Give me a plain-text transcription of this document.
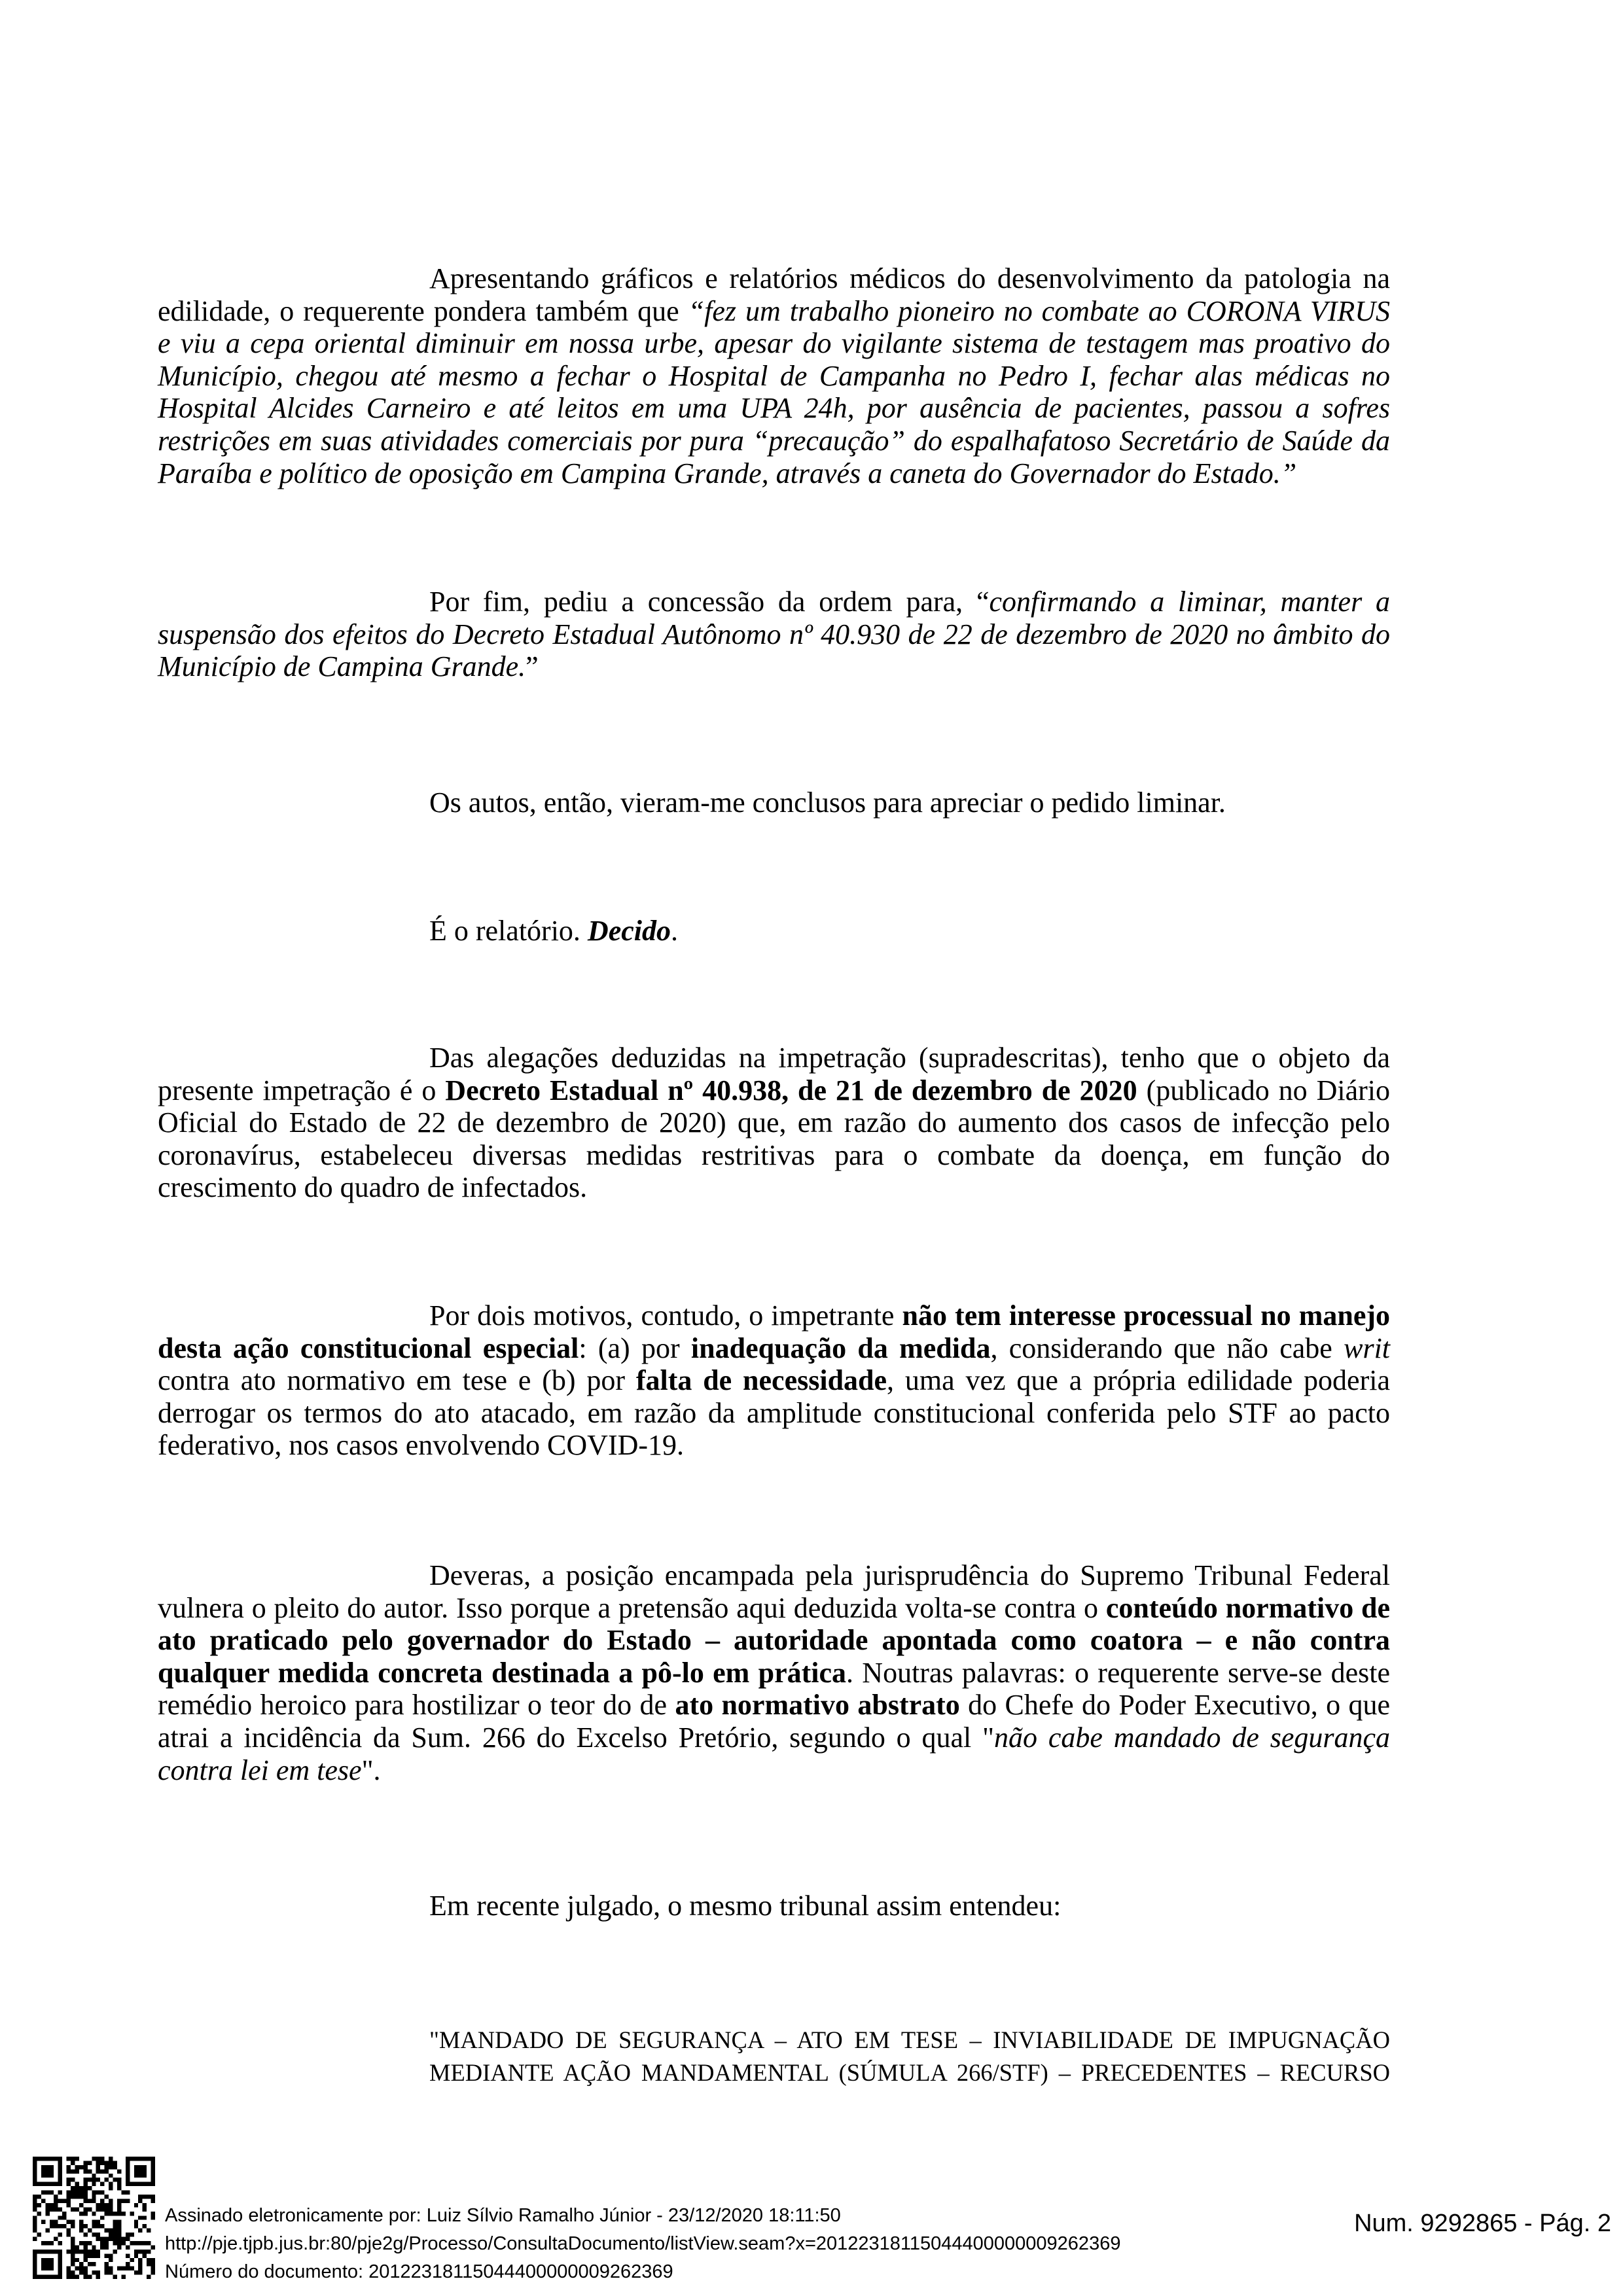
Apresentando gráficos e relatórios médicos do desenvolvimento da patologia na
edilidade, o requerente pondera também que “fez um trabalho pioneiro no combate ao CORONA VIRUS
e viu a cepa oriental diminuir em nossa urbe, apesar do vigilante sistema de testagem mas proativo do
Município, chegou até mesmo a fechar o Hospital de Campanha no Pedro I, fechar alas médicas no
Hospital Alcides Carneiro e até leitos em uma UPA 24h, por ausência de pacientes, passou a sofres
restrições em suas atividades comerciais por pura “precaução” do espalhafatoso Secretário de Saúde da
Paraíba e político de oposição em Campina Grande, através a caneta do Governador do Estado.”
Por fim, pediu a concessão da ordem para, “confirmando a liminar, manter a
suspensão dos efeitos do Decreto Estadual Autônomo nº 40.930 de 22 de dezembro de 2020 no âmbito do
Município de Campina Grande.”
Os autos, então, vieram-me conclusos para apreciar o pedido liminar.
É o relatório. Decido.
Das alegações deduzidas na impetração (supradescritas), tenho que o objeto da
presente impetração é o Decreto Estadual nº 40.938, de 21 de dezembro de 2020 (publicado no Diário
Oficial do Estado de 22 de dezembro de 2020) que, em razão do aumento dos casos de infecção pelo
coronavírus, estabeleceu diversas medidas restritivas para o combate da doença, em função do
crescimento do quadro de infectados.
Por dois motivos, contudo, o impetrante não tem interesse processual no manejo
desta ação constitucional especial: (a) por inadequação da medida, considerando que não cabe writ
contra ato normativo em tese e (b) por falta de necessidade, uma vez que a própria edilidade poderia
derrogar os termos do ato atacado, em razão da amplitude constitucional conferida pelo STF ao pacto
federativo, nos casos envolvendo COVID-19.
Deveras, a posição encampada pela jurisprudência do Supremo Tribunal Federal
vulnera o pleito do autor. Isso porque a pretensão aqui deduzida volta-se contra o conteúdo normativo de
ato praticado pelo governador do Estado – autoridade apontada como coatora – e não contra
qualquer medida concreta destinada a pô-lo em prática. Noutras palavras: o requerente serve-se deste
remédio heroico para hostilizar o teor do de ato normativo abstrato do Chefe do Poder Executivo, o que
atrai a incidência da Sum. 266 do Excelso Pretório, segundo o qual "não cabe mandado de segurança
contra lei em tese".
Em recente julgado, o mesmo tribunal assim entendeu:
"MANDADO DE SEGURANÇA – ATO EM TESE – INVIABILIDADE DE IMPUGNAÇÃO
MEDIANTE AÇÃO MANDAMENTAL (SÚMULA 266/STF) – PRECEDENTES – RECURSO
Assinado eletronicamente por: Luiz Sílvio Ramalho Júnior - 23/12/2020 18:11:50
http://pje.tjpb.jus.br:80/pje2g/Processo/ConsultaDocumento/listView.seam?x=20122318115044400000009262369
Número do documento: 20122318115044400000009262369
Num. 9292865 - Pág. 2
